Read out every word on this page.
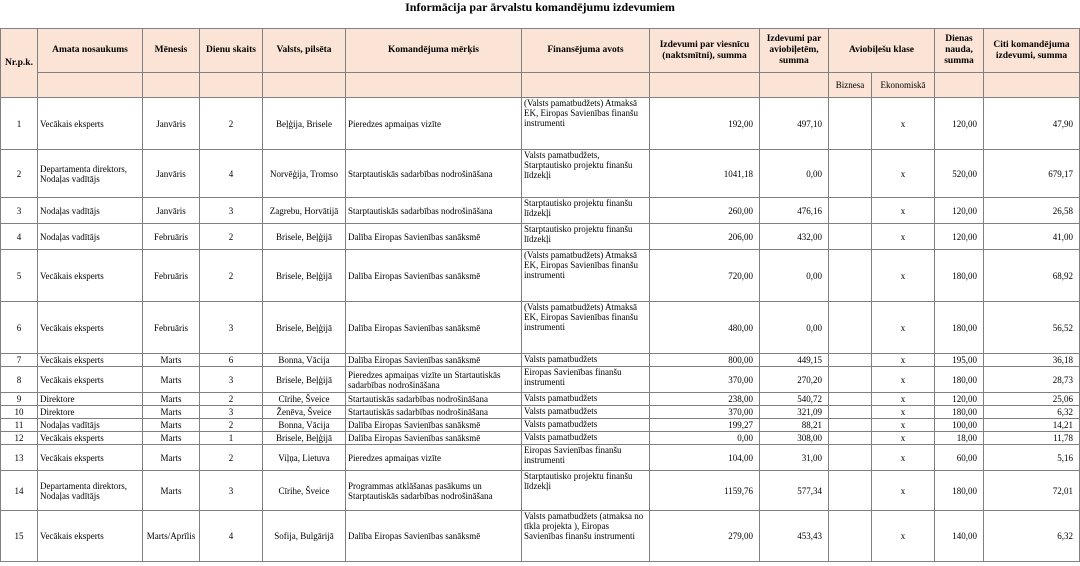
Informācija par ārvalstu komandējumu izdevumiem
Nr.p.k.	Amata nosaukums	Mēnesis	Dienu skaits	Valsts, pilsēta	Komandējuma mērķis	Finansējuma avots	Izdevumi par viesnīcu (naktsmītni), summa	Izdevumi par aviobiļetēm, summa	Aviobiļešu klase		Dienas nauda, summa	Citi komandējuma izdevumi, summa
									Biznesa	Ekonomiskā		
1	Vecākais eksperts	Janvāris	2	Beļģija, Brisele	Pieredzes apmaiņas vizīte	(Valsts pamatbudžets) Atmaksā EK, Eiropas Savienības finanšu instrumenti	192,00	497,10		x	120,00	47,90
2	Departamenta direktors, Nodaļas vadītājs	Janvāris	4	Norvēģija, Tromso	Starptautiskās sadarbības nodrošināšana	Valsts pamatbudžets, Starptautisko projektu finanšu līdzekļi	1041,18	0,00		x	520,00	679,17
3	Nodaļas vadītājs	Janvāris	3	Zagrebu, Horvātijā	Starptautiskās sadarbības nodrošināšana	Starptautisko projektu finanšu līdzekļi	260,00	476,16		x	120,00	26,58
4	Nodaļas vadītājs	Februāris	2	Brisele, Beļģijā	Dalība Eiropas Savienības sanāksmē	Starptautisko projektu finanšu līdzekļi	206,00	432,00		x	120,00	41,00
5	Vecākais eksperts	Februāris	2	Brisele, Beļģijā	Dalība Eiropas Savienības sanāksmē	(Valsts pamatbudžets) Atmaksā EK, Eiropas Savienības finanšu instrumenti	720,00	0,00		x	180,00	68,92
6	Vecākais eksperts	Februāris	3	Brisele, Beļģijā	Dalība Eiropas Savienības sanāksmē	(Valsts pamatbudžets) Atmaksā EK, Eiropas Savienības finanšu instrumenti	480,00	0,00		x	180,00	56,52
7	Vecākais eksperts	Marts	6	Bonna, Vācija	Dalība Eiropas Savienības sanāksmē	Valsts pamatbudžets	800,00	449,15		x	195,00	36,18
8	Vecākais eksperts	Marts	3	Brisele, Beļģijā	Pieredzes apmaiņas vizīte un Startautiskās sadarbības nodrošināšana	Eiropas Savienības finanšu instrumenti	370,00	270,20		x	180,00	28,73
9	Direktore	Marts	2	Cīrihe, Šveice	Startautiskās sadarbības nodrošināšana	Valsts pamatbudžets	238,00	540,72		x	120,00	25,06
10	Direktore	Marts	3	Ženēva, Šveice	Startautiskās sadarbības nodrošināšana	Valsts pamatbudžets	370,00	321,09		x	180,00	6,32
11	Nodaļas vadītājs	Marts	2	Bonna, Vācija	Dalība Eiropas Savienības sanāksmē	Valsts pamatbudžets	199,27	88,21		x	100,00	14,21
12	Vecākais eksperts	Marts	1	Brisele, Beļģijā	Dalība Eiropas Savienības sanāksmē	Valsts pamatbudžets	0,00	308,00		x	18,00	11,78
13	Vecākais eksperts	Marts	2	Viļņa, Lietuva	Pieredzes apmaiņas vizīte	Eiropas Savienības finanšu instrumenti	104,00	31,00		x	60,00	5,16
14	Departamenta direktors, Nodaļas vadītājs	Marts	3	Cīrihe, Šveice	Programmas atklāšanas pasākums un Starptautiskās sadarbības nodrošināšana	Starptautisko projektu finanšu līdzekļi	1159,76	577,34		x	180,00	72,01
15	Vecākais eksperts	Marts/Aprīlis	4	Sofija, Bulgārijā	Dalība Eiropas Savienības sanāksmē	Valsts pamatbudžets (atmaksa no tīkla projekta ), Eiropas Savienības finanšu instrumenti	279,00	453,43		x	140,00	6,32
